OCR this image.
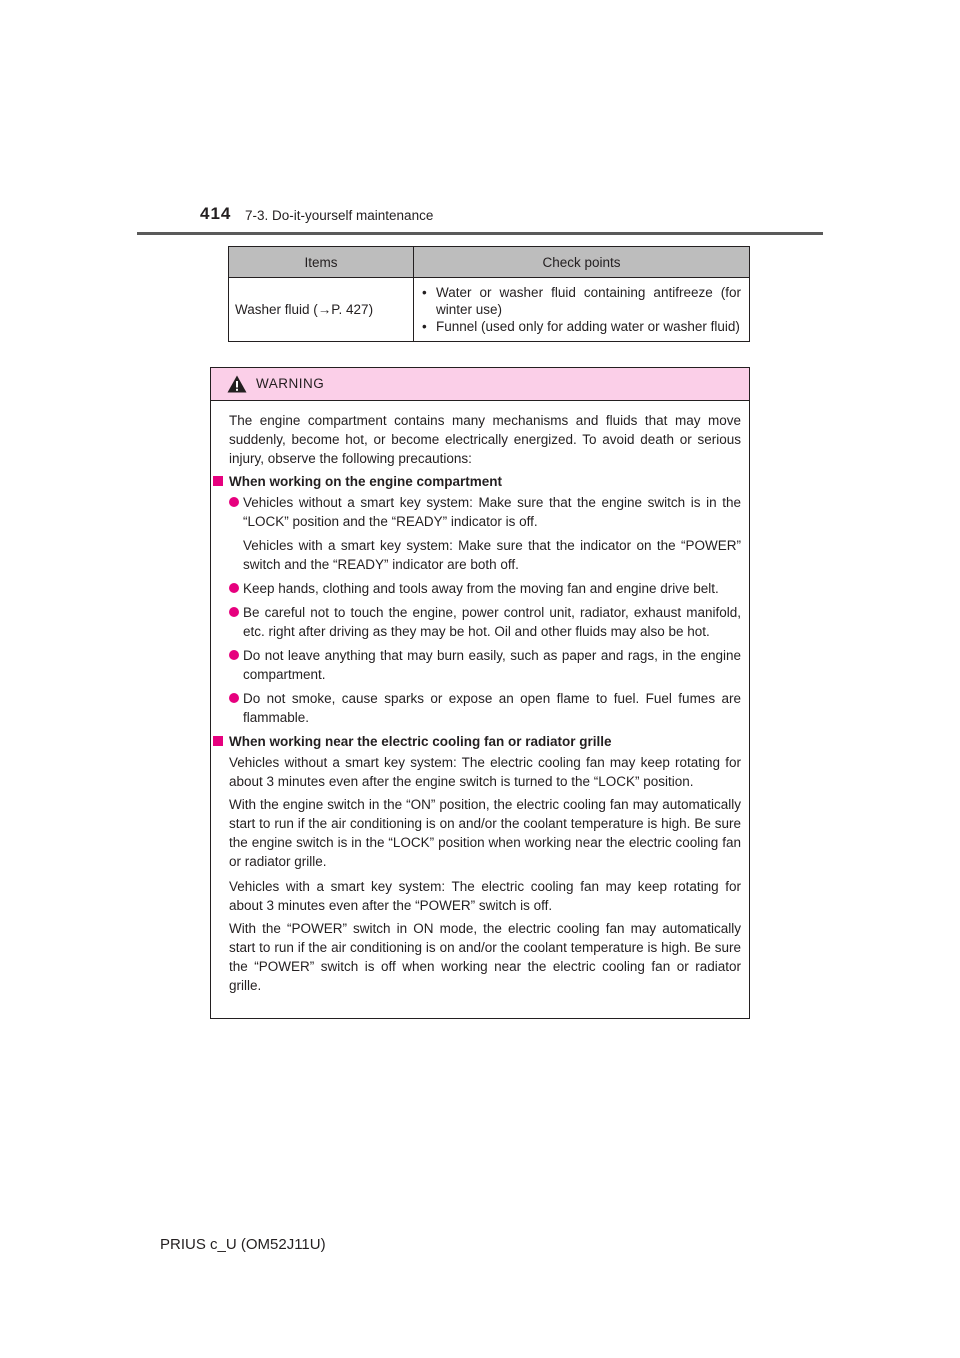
414 7-3. Do-it-yourself maintenance
Items	Check points
Washer fluid (→P. 427)	• Water or washer fluid containing antifreeze (for winter use)
• Funnel (used only for adding water or washer fluid)
WARNING

The engine compartment contains many mechanisms and fluids that may move suddenly, become hot, or become electrically energized. To avoid death or serious injury, observe the following precautions:

When working on the engine compartment
Vehicles without a smart key system: Make sure that the engine switch is in the “LOCK” position and the “READY” indicator is off.
Vehicles with a smart key system: Make sure that the indicator on the “POWER” switch and the “READY” indicator are both off.
Keep hands, clothing and tools away from the moving fan and engine drive belt.
Be careful not to touch the engine, power control unit, radiator, exhaust manifold, etc. right after driving as they may be hot. Oil and other fluids may also be hot.
Do not leave anything that may burn easily, such as paper and rags, in the engine compartment.
Do not smoke, cause sparks or expose an open flame to fuel. Fuel fumes are flammable.
When working near the electric cooling fan or radiator grille

Vehicles without a smart key system: The electric cooling fan may keep rotating for about 3 minutes even after the engine switch is turned to the “LOCK” position.

With the engine switch in the “ON” position, the electric cooling fan may automatically start to run if the air conditioning is on and/or the coolant temperature is high. Be sure the engine switch is in the “LOCK” position when working near the electric cooling fan or radiator grille.

Vehicles with a smart key system: The electric cooling fan may keep rotating for about 3 minutes even after the “POWER” switch is off.

With the “POWER” switch in ON mode, the electric cooling fan may automatically start to run if the air conditioning is on and/or the coolant temperature is high. Be sure the “POWER” switch is off when working near the electric cooling fan or radiator grille.

PRIUS c_U (OM52J11U)
